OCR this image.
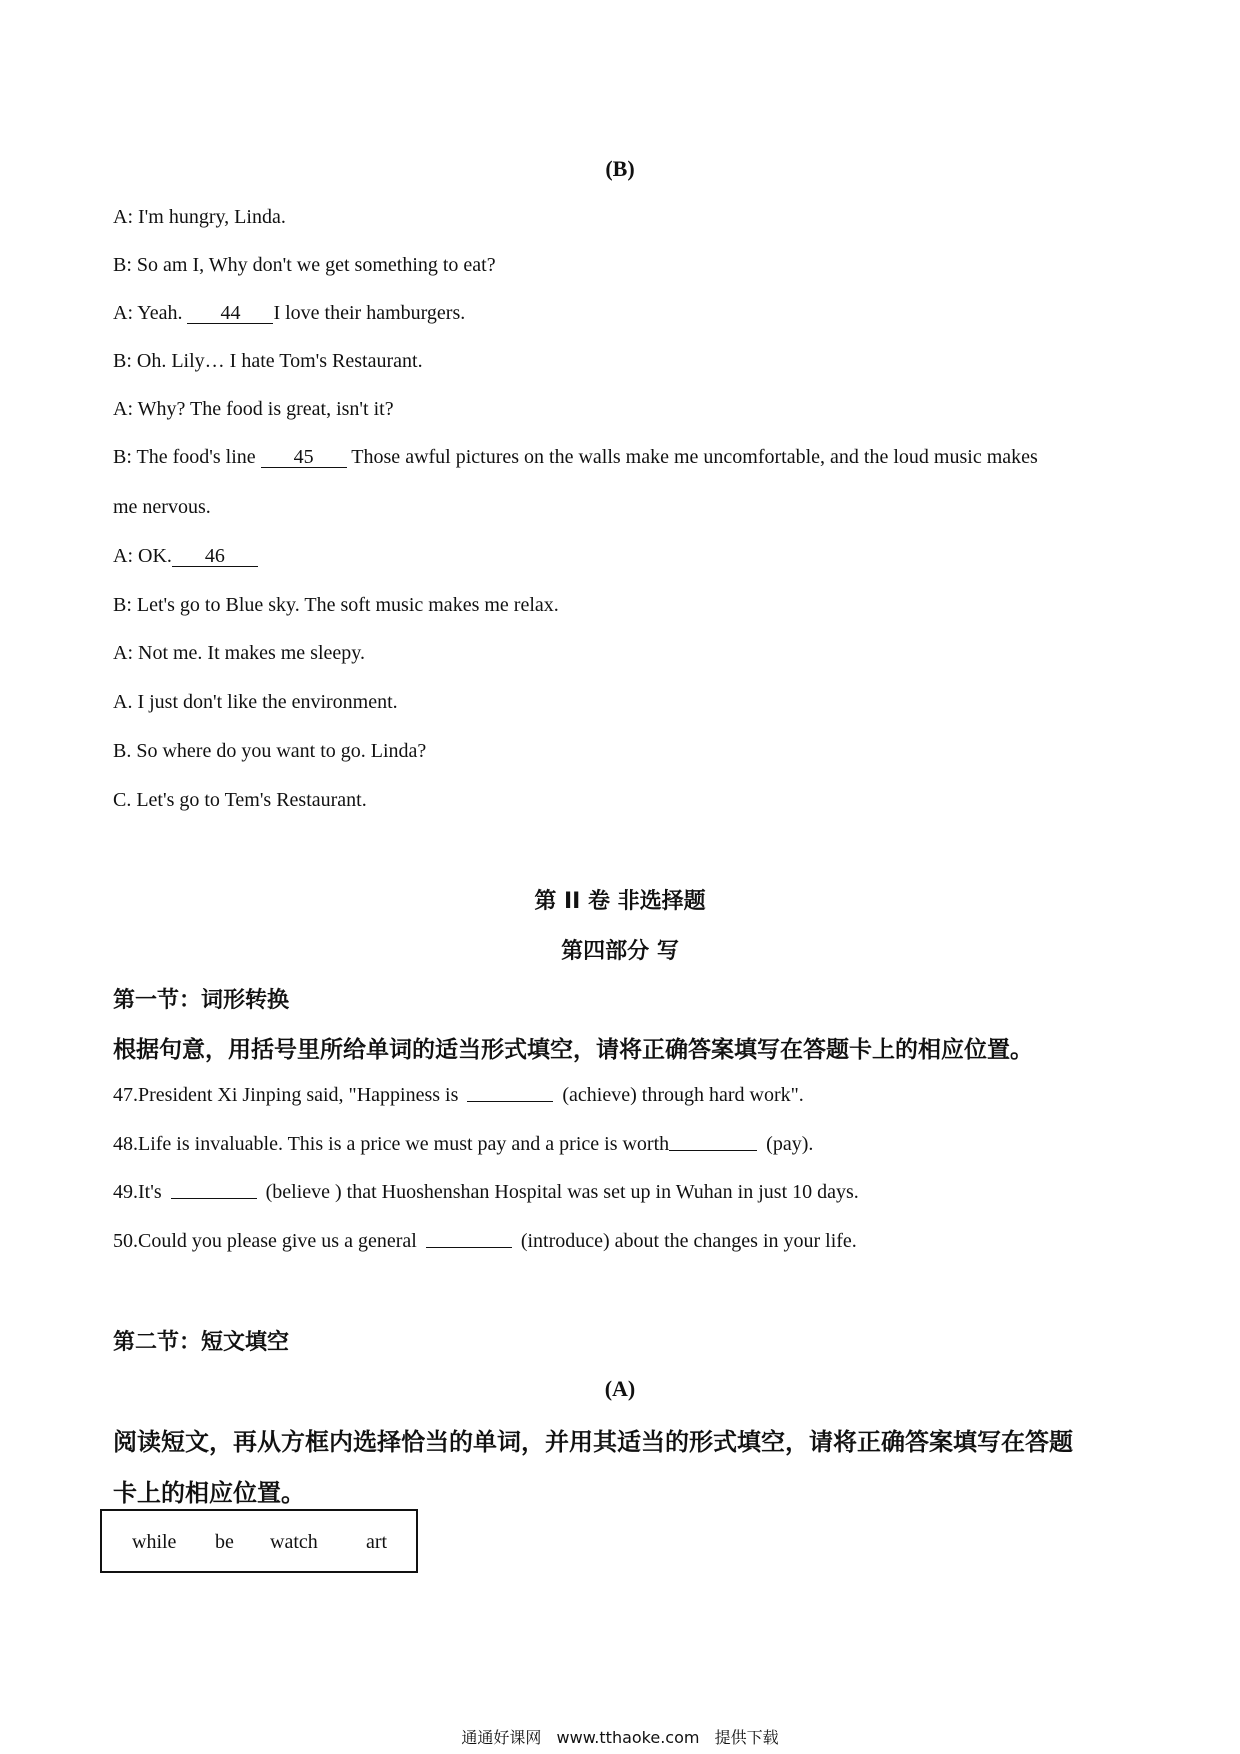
(B)
A: I'm hungry, Linda.
B: So am I, Why don't we get something to eat?
A: Yeah. 44 I love their hamburgers.
B: Oh. Lily… I hate Tom's Restaurant.
A: Why? The food is great, isn't it?
B: The food's line 45 Those awful pictures on the walls make me uncomfortable, and the loud music makes
me nervous.
A: OK. 46
B: Let's go to Blue sky. The soft music makes me relax.
A: Not me. It makes me sleepy.
A. I just don't like the environment.
B. So where do you want to go. Linda?
C. Let's go to Tem's Restaurant.
第 II 卷 非选择题
第四部分 写
第一节：词形转换
根据句意，用括号里所给单词的适当形式填空，请将正确答案填写在答题卡上的相应位置。
47.President Xi Jinping said, "Happiness is	(achieve) through hard work".
48.Life is invaluable. This is a price we must pay and a price is worth	(pay).
49.It's	(believe ) that Huoshenshan Hospital was set up in Wuhan in just 10 days.
50.Could you please give us a general	(introduce) about the changes in your life.
第二节：短文填空
(A)
阅读短文，再从方框内选择恰当的单词，并用其适当的形式填空，请将正确答案填写在答题
卡上的相应位置。
while be watch art
通通好课网 www.tthaoke.com 提供下载
